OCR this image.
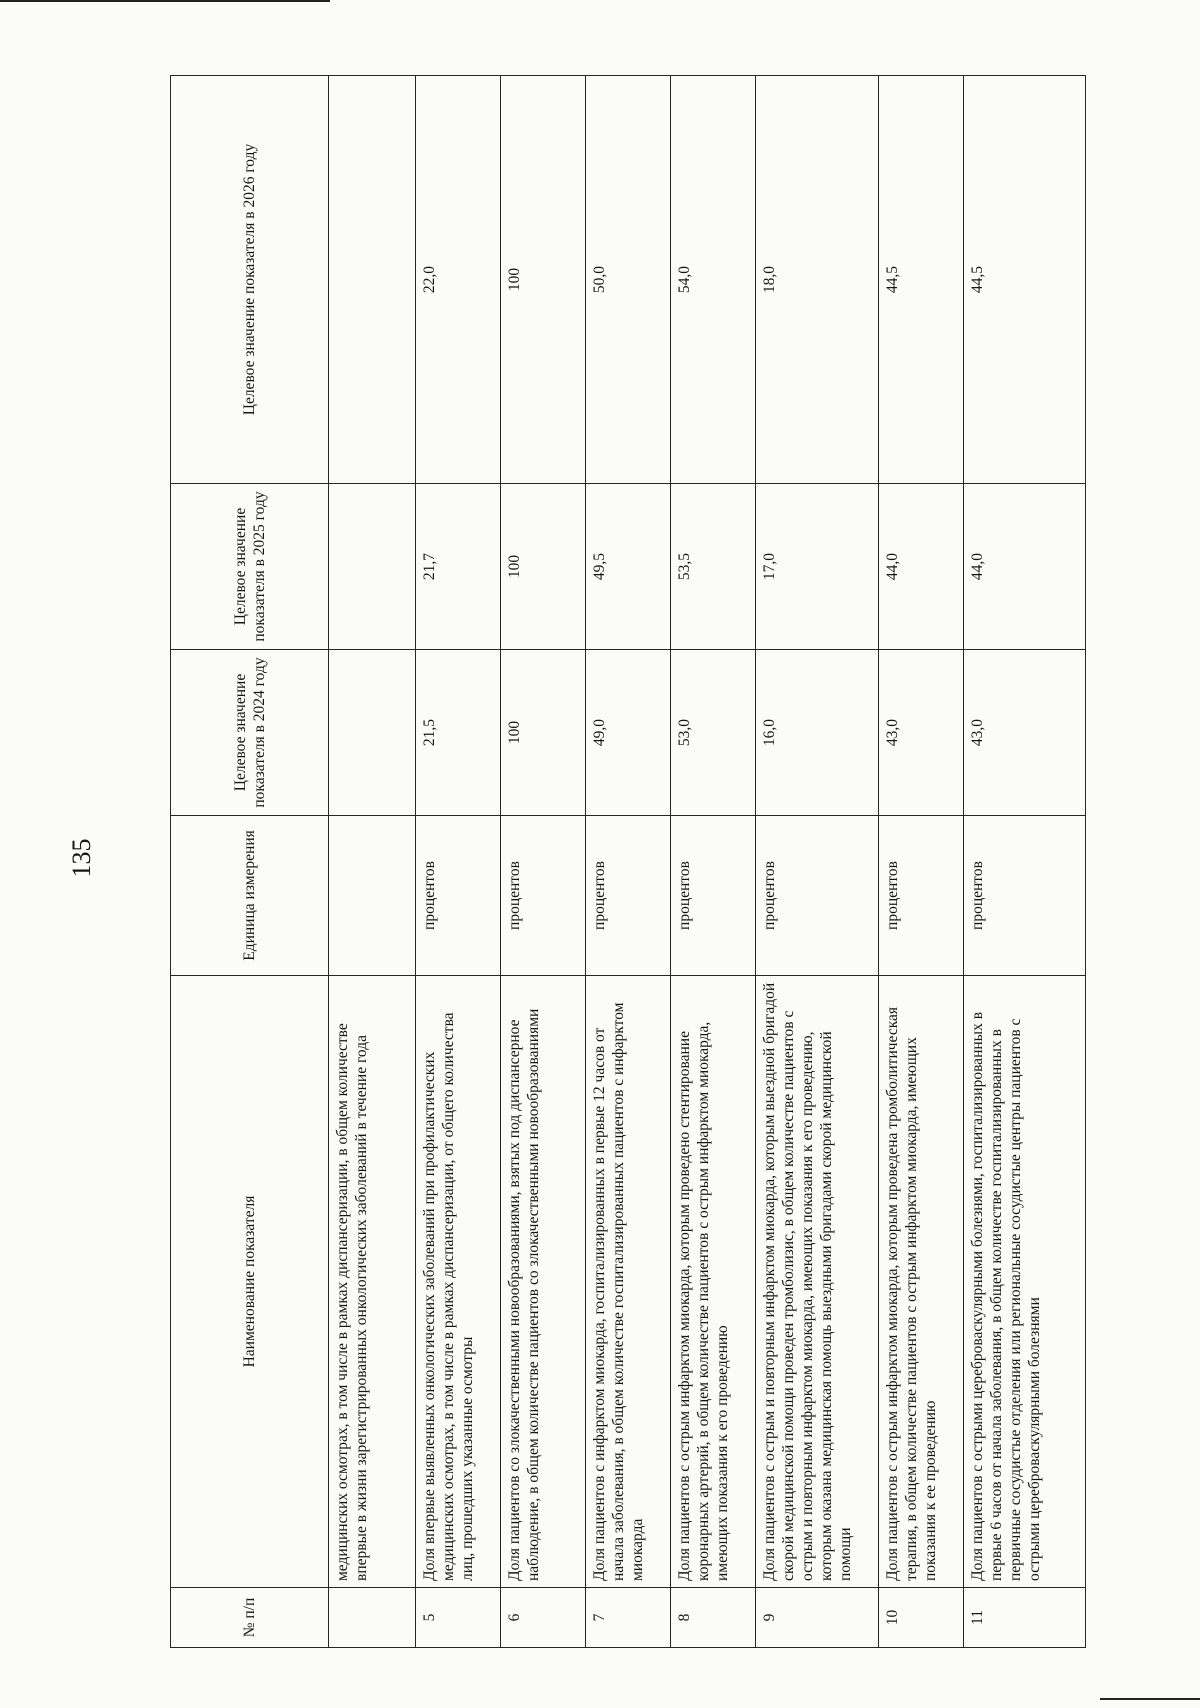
135
№ п/п	Наименование показателя	Единица измерения	Целевое значение показателя в 2024 году	Целевое значение показателя в 2025 году	Целевое значение показателя в 2026 году
	медицинских осмотрах, в том числе в рамках диспансеризации, в общем количестве впервые в жизни зарегистрированных онкологических заболеваний в течение года				
5	Доля впервые выявленных онкологических заболеваний при профилактических медицинских осмотрах, в том числе в рамках диспансеризации, от общего количества лиц, прошедших указанные осмотры	процентов	21,5	21,7	22,0
6	Доля пациентов со злокачественными новообразованиями, взятых под диспансерное наблюдение, в общем количестве пациентов со злокачественными новообразованиями	процентов	100	100	100
7	Доля пациентов с инфарктом миокарда, госпитализированных в первые 12 часов от начала заболевания, в общем количестве госпитализированных пациентов с инфарктом миокарда	процентов	49,0	49,5	50,0
8	Доля пациентов с острым инфарктом миокарда, которым проведено стентирование коронарных артерий, в общем количестве пациентов с острым инфарктом миокарда, имеющих показания к его проведению	процентов	53,0	53,5	54,0
9	Доля пациентов с острым и повторным инфарктом миокарда, которым выездной бригадой скорой медицинской помощи проведен тромболизис, в общем количестве пациентов с острым и повторным инфарктом миокарда, имеющих показания к его проведению, которым оказана медицинская помощь выездными бригадами скорой медицинской помощи	процентов	16,0	17,0	18,0
10	Доля пациентов с острым инфарктом миокарда, которым проведена тромболитическая терапия, в общем количестве пациентов с острым инфарктом миокарда, имеющих показания к ее проведению	процентов	43,0	44,0	44,5
11	Доля пациентов с острыми цереброваскулярными болезнями, госпитализированных в первые 6 часов от начала заболевания, в общем количестве госпитализированных в первичные сосудистые отделения или региональные сосудистые центры пациентов с острыми цереброваскулярными болезнями	процентов	43,0	44,0	44,5
